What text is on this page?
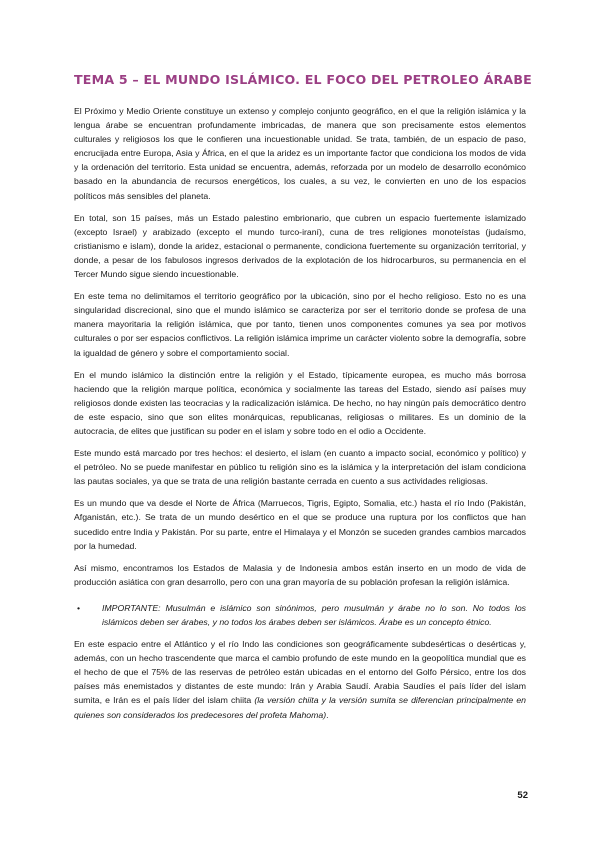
TEMA 5 – EL MUNDO ISLÁMICO. EL FOCO DEL PETROLEO ÁRABE

El Próximo y Medio Oriente constituye un extenso y complejo conjunto geográfico, en el que la religión islámica y la lengua árabe se encuentran profundamente imbricadas, de manera que son precisamente estos elementos culturales y religiosos los que le confieren una incuestionable unidad. Se trata, también, de un espacio de paso, encrucijada entre Europa, Asia y África, en el que la aridez es un importante factor que condiciona los modos de vida y la ordenación del territorio. Esta unidad se encuentra, además, reforzada por un modelo de desarrollo económico basado en la abundancia de recursos energéticos, los cuales, a su vez, le convierten en uno de los espacios políticos más sensibles del planeta.

En total, son 15 países, más un Estado palestino embrionario, que cubren un espacio fuertemente islamizado (excepto Israel) y arabizado (excepto el mundo turco-iraní), cuna de tres religiones monoteístas (judaísmo, cristianismo e islam), donde la aridez, estacional o permanente, condiciona fuertemente su organización territorial, y donde, a pesar de los fabulosos ingresos derivados de la explotación de los hidrocarburos, su permanencia en el Tercer Mundo sigue siendo incuestionable.

En este tema no delimitamos el territorio geográfico por la ubicación, sino por el hecho religioso. Esto no es una singularidad discrecional, sino que el mundo islámico se caracteriza por ser el territorio donde se profesa de una manera mayoritaria la religión islámica, que por tanto, tienen unos componentes comunes ya sea por motivos culturales o por ser espacios conflictivos. La religión islámica imprime un carácter violento sobre la demografía, sobre la igualdad de género y sobre el comportamiento social.

En el mundo islámico la distinción entre la religión y el Estado, típicamente europea, es mucho más borrosa haciendo que la religión marque política, económica y socialmente las tareas del Estado, siendo así países muy religiosos donde existen las teocracias y la radicalización islámica. De hecho, no hay ningún país democrático dentro de este espacio, sino que son elites monárquicas, republicanas, religiosas o militares. Es un dominio de la autocracia, de elites que justifican su poder en el islam y sobre todo en el odio a Occidente.

Este mundo está marcado por tres hechos: el desierto, el islam (en cuanto a impacto social, económico y político) y el petróleo. No se puede manifestar en público tu religión sino es la islámica y la interpretación del islam condiciona las pautas sociales, ya que se trata de una religión bastante cerrada en cuento a sus actividades religiosas.

Es un mundo que va desde el Norte de África (Marruecos, Tigris, Egipto, Somalia, etc.) hasta el río Indo (Pakistán, Afganistán, etc.). Se trata de un mundo desértico en el que se produce una ruptura por los conflictos que han sucedido entre India y Pakistán. Por su parte, entre el Himalaya y el Monzón se suceden grandes cambios marcados por la humedad.

Así mismo, encontramos los Estados de Malasia y de Indonesia ambos están inserto en un modo de vida de producción asiática con gran desarrollo, pero con una gran mayoría de su población profesan la religión islámica.

•	IMPORTANTE: Musulmán e islámico son sinónimos, pero musulmán y árabe no lo son. No todos los islámicos deben ser árabes, y no todos los árabes deben ser islámicos. Árabe es un concepto étnico.

En este espacio entre el Atlántico y el río Indo las condiciones son geográficamente subdesérticas o desérticas y, además, con un hecho trascendente que marca el cambio profundo de este mundo en la geopolítica mundial que es el hecho de que el 75% de las reservas de petróleo están ubicadas en el entorno del Golfo Pérsico, entre los dos países más enemistados y distantes de este mundo: Irán y Arabia Saudí. Arabia Saudíes el país líder del islam sumita, e Irán es el país líder del islam chiita (la versión chiita y la versión sumita se diferencian principalmente en quienes son considerados los predecesores del profeta Mahoma).

52
